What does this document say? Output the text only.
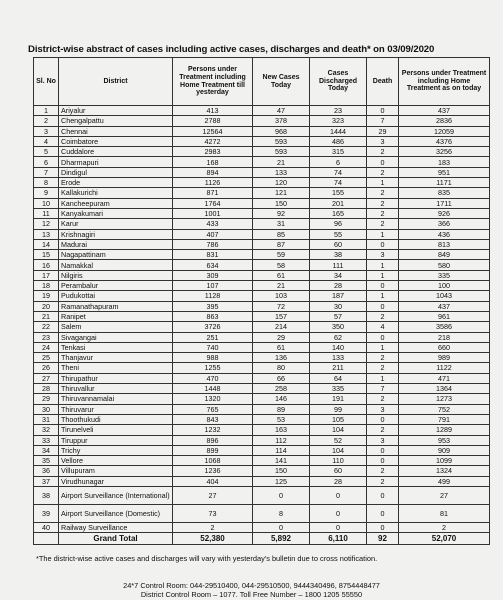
District-wise abstract of cases including active cases, discharges and death* on 03/09/2020
Sl. No	District	Persons under Treatment including Home Treatment till yesterday	New Cases Today	Cases Discharged Today	Death	Persons under Treatment including Home Treatment as on today
1	Ariyalur	413	47	23	0	437
2	Chengalpattu	2788	378	323	7	2836
3	Chennai	12564	968	1444	29	12059
4	Coimbatore	4272	593	486	3	4376
5	Cuddalore	2983	593	315	2	3256
6	Dharmapuri	168	21	6	0	183
7	Dindigul	894	133	74	2	951
8	Erode	1126	120	74	1	1171
9	Kallakurichi	871	121	155	2	835
10	Kancheepuram	1764	150	201	2	1711
11	Kanyakumari	1001	92	165	2	926
12	Karur	433	31	96	2	366
13	Krishnagiri	407	85	55	1	436
14	Madurai	786	87	60	0	813
15	Nagapattinam	831	59	38	3	849
16	Namakkal	634	58	111	1	580
17	Nilgiris	309	61	34	1	335
18	Perambalur	107	21	28	0	100
19	Pudukottai	1128	103	187	1	1043
20	Ramanathapuram	395	72	30	0	437
21	Ranipet	863	157	57	2	961
22	Salem	3726	214	350	4	3586
23	Sivagangai	251	29	62	0	218
24	Tenkasi	740	61	140	1	660
25	Thanjavur	988	136	133	2	989
26	Theni	1255	80	211	2	1122
27	Thirupathur	470	66	64	1	471
28	Thiruvallur	1448	258	335	7	1364
29	Thiruvannamalai	1320	146	191	2	1273
30	Thiruvarur	765	89	99	3	752
31	Thoothukudi	843	53	105	0	791
32	Tirunelveli	1232	163	104	2	1289
33	Tiruppur	896	112	52	3	953
34	Trichy	899	114	104	0	909
35	Vellore	1068	141	110	0	1099
36	Villupuram	1236	150	60	2	1324
37	Virudhunagar	404	125	28	2	499
38	Airport Surveillance (International)	27	0	0	0	27
39	Airport Surveillance (Domestic)	73	8	0	0	81
40	Railway Surveillance	2	0	0	0	2
	Grand Total	52,380	5,892	6,110	92	52,070
*The district-wise active cases and discharges will vary with yesterday's bulletin due to cross notification.
24*7 Control Room: 044-29510400, 044-29510500, 9444340496, 8754448477
District Control Room – 1077. Toll Free Number – 1800 1205 55550
